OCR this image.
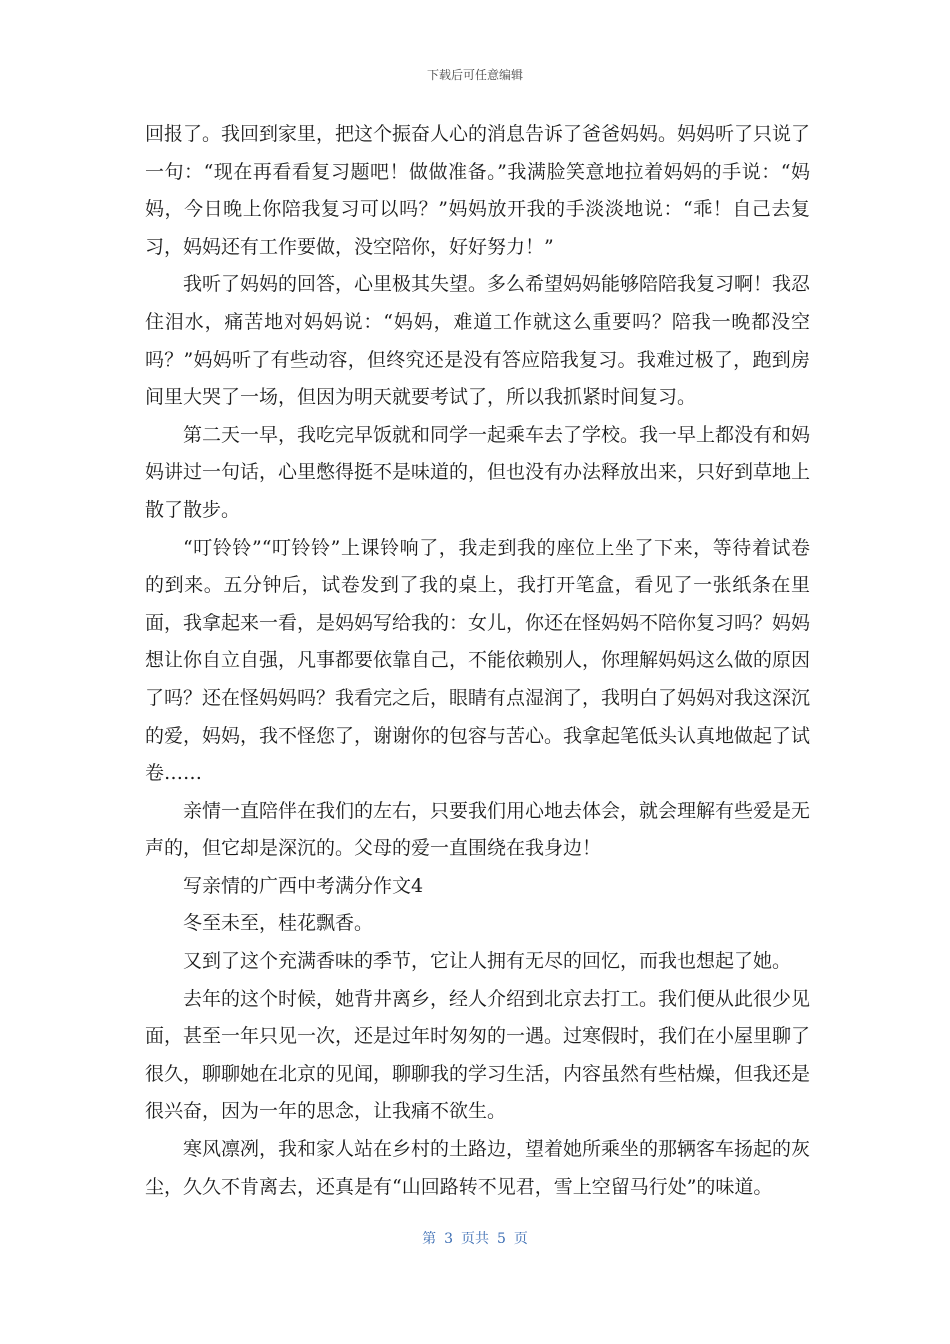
下载后可任意编辑

回报了。我回到家里，把这个振奋人心的消息告诉了爸爸妈妈。妈妈听了只说了一句：“现在再看看复习题吧！做做准备。”我满脸笑意地拉着妈妈的手说：“妈妈，今日晚上你陪我复习可以吗？”妈妈放开我的手淡淡地说：“乖！自己去复习，妈妈还有工作要做，没空陪你，好好努力！”

我听了妈妈的回答，心里极其失望。多么希望妈妈能够陪陪我复习啊！我忍住泪水，痛苦地对妈妈说：“妈妈，难道工作就这么重要吗？陪我一晚都没空吗？”妈妈听了有些动容，但终究还是没有答应陪我复习。我难过极了，跑到房间里大哭了一场，但因为明天就要考试了，所以我抓紧时间复习。

第二天一早，我吃完早饭就和同学一起乘车去了学校。我一早上都没有和妈妈讲过一句话，心里憋得挺不是味道的，但也没有办法释放出来，只好到草地上散了散步。

“叮铃铃”“叮铃铃”上课铃响了，我走到我的座位上坐了下来，等待着试卷的到来。五分钟后，试卷发到了我的桌上，我打开笔盒，看见了一张纸条在里面，我拿起来一看，是妈妈写给我的：女儿，你还在怪妈妈不陪你复习吗？妈妈想让你自立自强，凡事都要依靠自己，不能依赖别人，你理解妈妈这么做的原因了吗？还在怪妈妈吗？我看完之后，眼睛有点湿润了，我明白了妈妈对我这深沉的爱，妈妈，我不怪您了，谢谢你的包容与苦心。我拿起笔低头认真地做起了试卷……

亲情一直陪伴在我们的左右，只要我们用心地去体会，就会理解有些爱是无声的，但它却是深沉的。父母的爱一直围绕在我身边！

写亲情的广西中考满分作文4

冬至未至，桂花飘香。

又到了这个充满香味的季节，它让人拥有无尽的回忆，而我也想起了她。

去年的这个时候，她背井离乡，经人介绍到北京去打工。我们便从此很少见面，甚至一年只见一次，还是过年时匆匆的一遇。过寒假时，我们在小屋里聊了很久，聊聊她在北京的见闻，聊聊我的学习生活，内容虽然有些枯燥，但我还是很兴奋，因为一年的思念，让我痛不欲生。

寒风凛冽，我和家人站在乡村的土路边，望着她所乘坐的那辆客车扬起的灰尘，久久不肯离去，还真是有“山回路转不见君，雪上空留马行处”的味道。

第 3 页共 5 页
